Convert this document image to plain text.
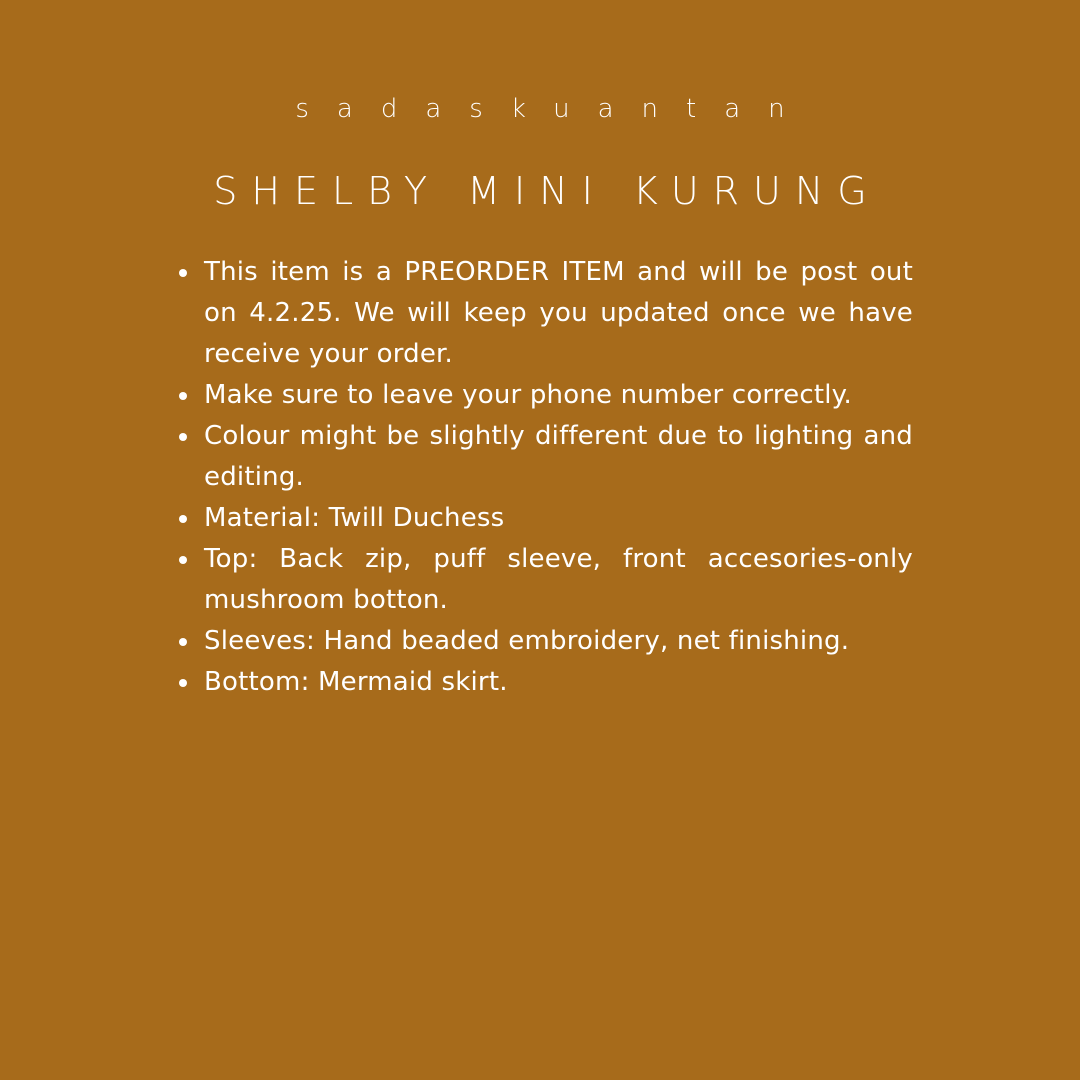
sadaskuantan
SHELBY MINI KURUNG
This item is a PREORDER ITEM and will be post out on 4.2.25. We will keep you updated once we have receive your order.
Make sure to leave your phone number correctly.
Colour might be slightly different due to lighting and editing.
Material: Twill Duchess
Top: Back zip, puff sleeve, front accesories-only mushroom botton.
Sleeves: Hand beaded embroidery, net finishing.
Bottom: Mermaid skirt.
